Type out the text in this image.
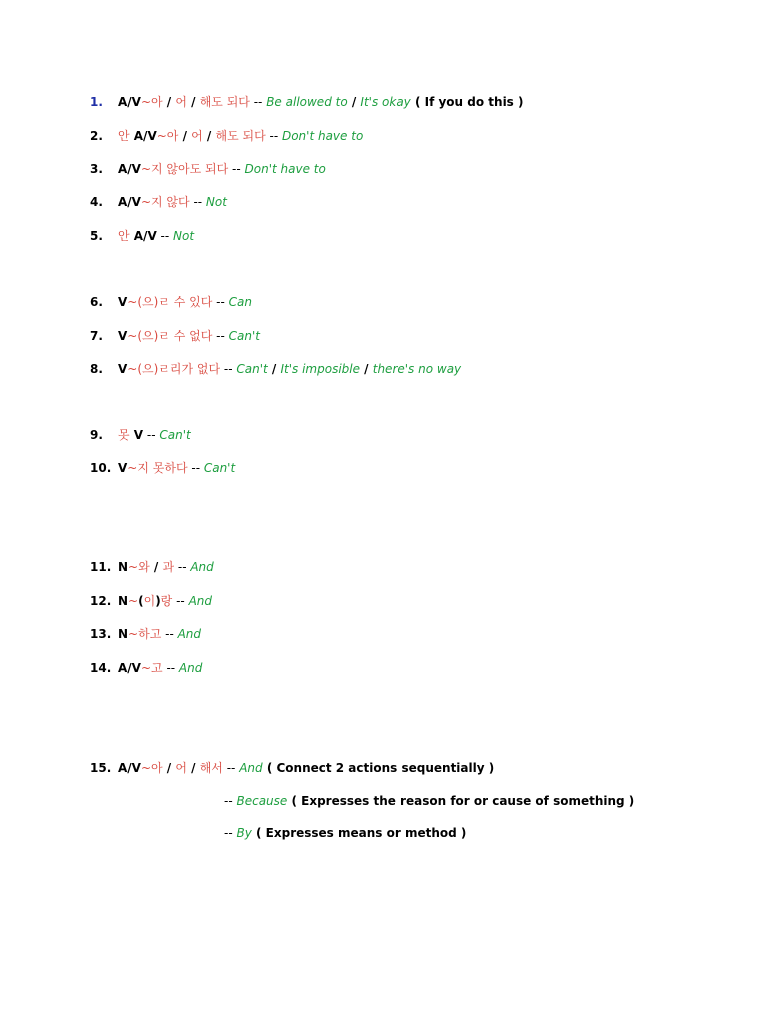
1. A/V~아 / 어 / 해도 되다 -- Be allowed to / It's okay ( If you do this )
2. 안 A/V~아 / 어 / 해도 되다 -- Don't have to
3. A/V~지 않아도 되다 -- Don't have to
4. A/V~지 않다 -- Not
5. 안 A/V -- Not
6. V~(으)ㄹ 수 있다 -- Can
7. V~(으)ㄹ 수 없다 -- Can't
8. V~(으)ㄹ리가 없다 -- Can't / It's imposible / there's no way
9. 못 V -- Can't
10. V~지 못하다 -- Can't
11. N~와 / 과 -- And
12. N~(이)랑 -- And
13. N~하고 -- And
14. A/V~고 -- And
15. A/V~아 / 어 / 해서 -- And ( Connect 2 actions sequentially )
-- Because ( Expresses the reason for or cause of something )
-- By ( Expresses means or method )
